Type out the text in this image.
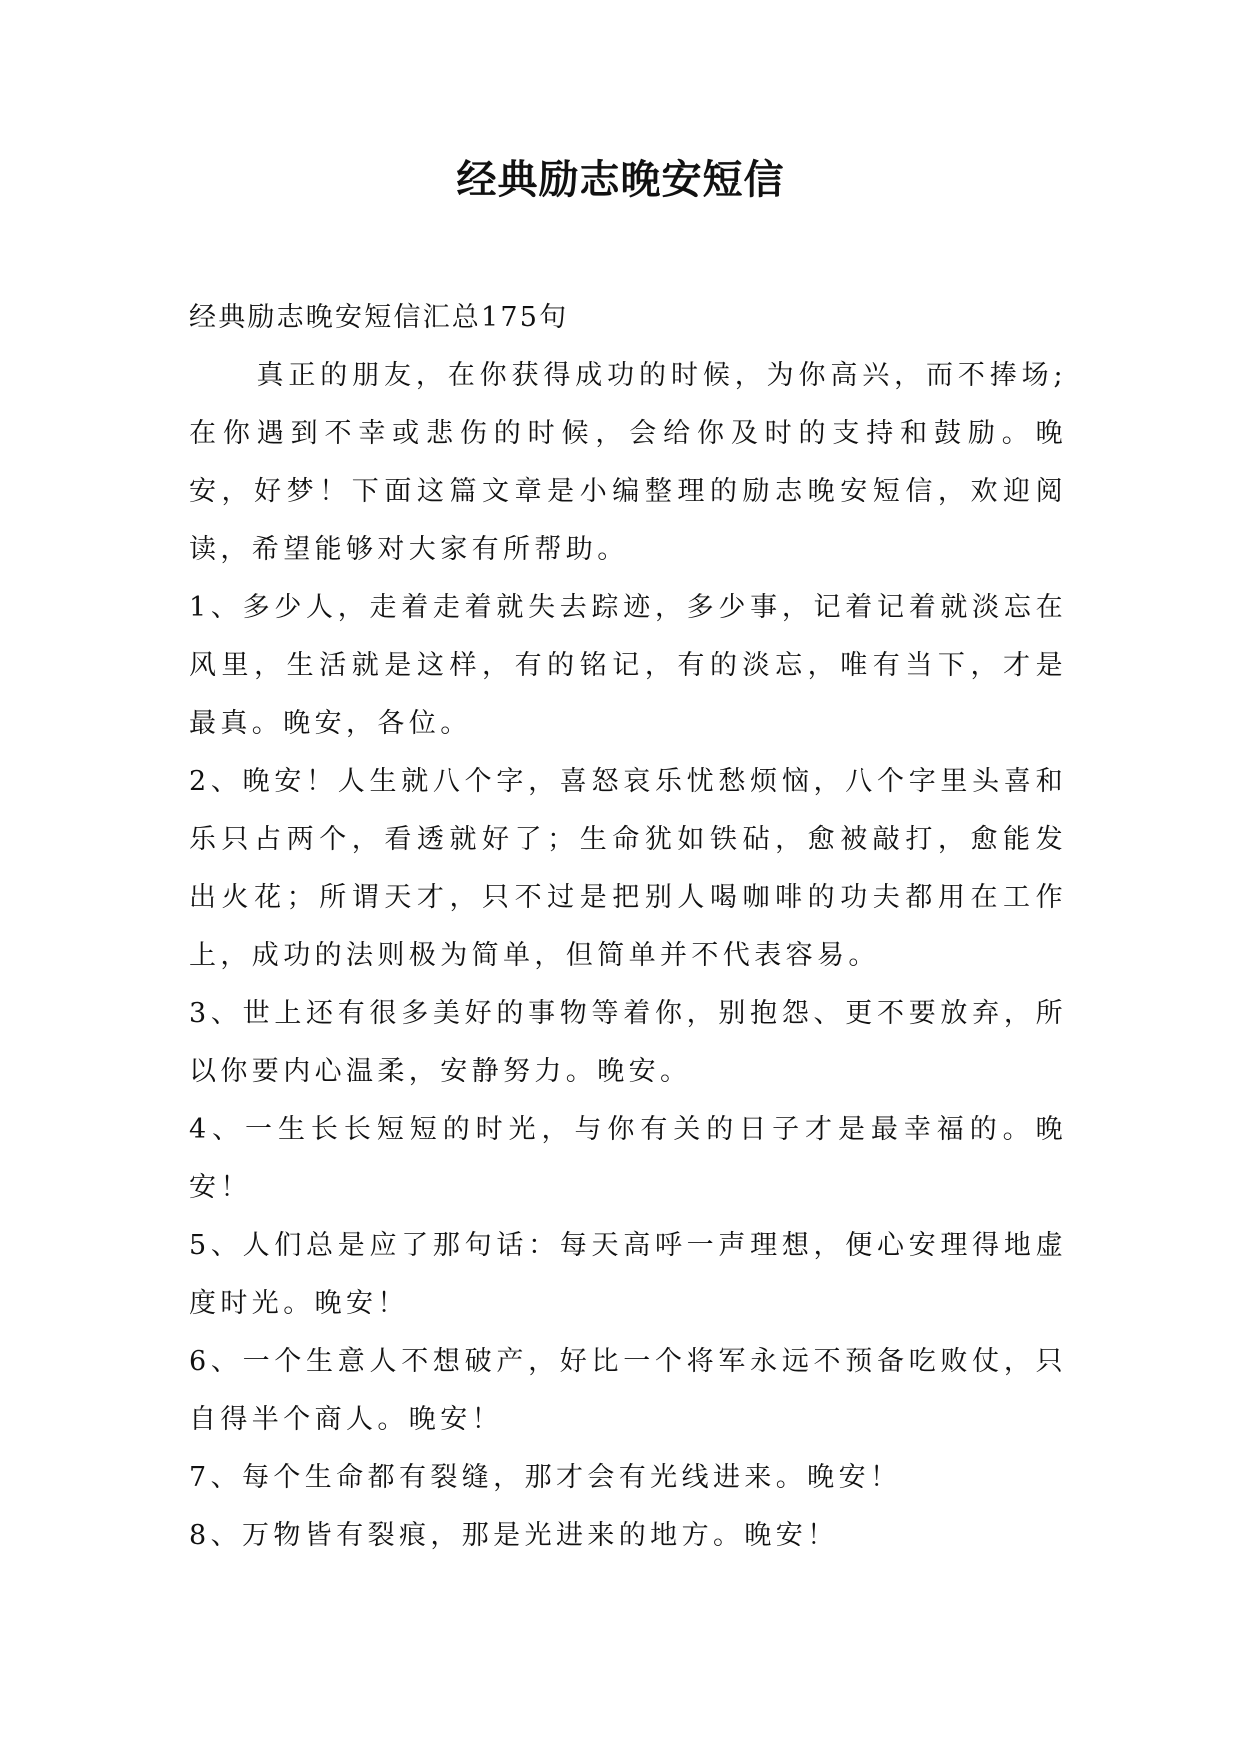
经典励志晚安短信

经典励志晚安短信汇总175句

真正的朋友，在你获得成功的时候，为你高兴，而不捧场;在你遇到不幸或悲伤的时候，会给你及时的支持和鼓励。晚安，好梦！下面这篇文章是小编整理的励志晚安短信，欢迎阅读，希望能够对大家有所帮助。

1、多少人，走着走着就失去踪迹，多少事，记着记着就淡忘在风里，生活就是这样，有的铭记，有的淡忘，唯有当下，才是最真。晚安，各位。

2、晚安！人生就八个字，喜怒哀乐忧愁烦恼，八个字里头喜和乐只占两个，看透就好了；生命犹如铁砧，愈被敲打，愈能发出火花；所谓天才，只不过是把别人喝咖啡的功夫都用在工作上，成功的法则极为简单，但简单并不代表容易。

3、世上还有很多美好的事物等着你，别抱怨、更不要放弃，所以你要内心温柔，安静努力。晚安。

4、一生长长短短的时光，与你有关的日子才是最幸福的。晚安！

5、人们总是应了那句话：每天高呼一声理想，便心安理得地虚度时光。晚安！

6、一个生意人不想破产，好比一个将军永远不预备吃败仗，只自得半个商人。晚安！

7、每个生命都有裂缝，那才会有光线进来。晚安！

8、万物皆有裂痕，那是光进来的地方。晚安！
